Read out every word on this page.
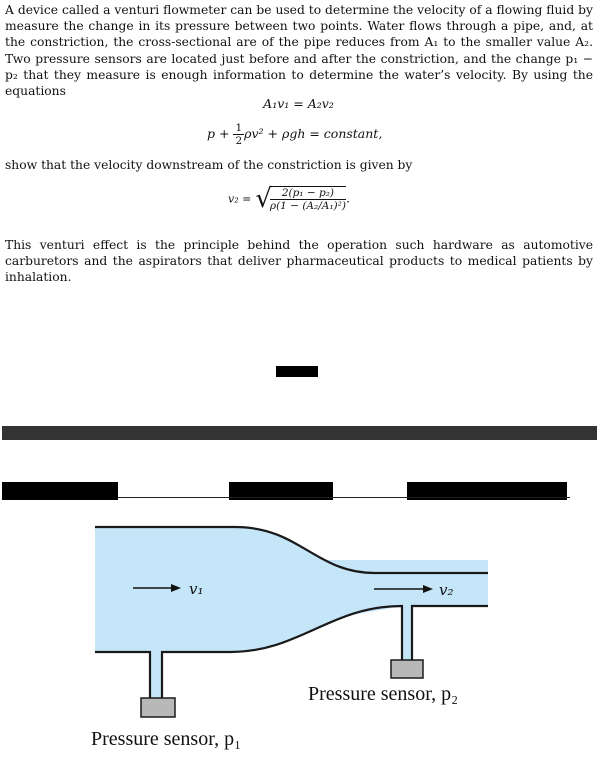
A device called a venturi flowmeter can be used to determine the velocity of a flowing fluid by measure the change in its pressure between two points. Water flows through a pipe, and, at the constriction, the cross-sectional are of the pipe reduces from A₁ to the smaller value A₂. Two pressure sensors are located just before and after the constriction, and the change p₁ − p₂ that they measure is enough information to determine the water’s velocity. By using the equations

A₁v₁ = A₂v₂
$p + \frac{1}{2} \rho v^2 + \rho gh$ = constant,

show that the velocity downstream of the constriction is given by

v₂ = √
$\frac{\text{2(p₁ − p₂)}}{\text{ρ(1 − (A₂/A₁)²)}}$ .

This venturi effect is the principle behind the operation such hardware as automotive carburetors and the aspirators that deliver pharmaceutical products to medical patients by inhalation.

v₁	v₂
Pressure sensor, p₂
Pressure sensor, p₁
